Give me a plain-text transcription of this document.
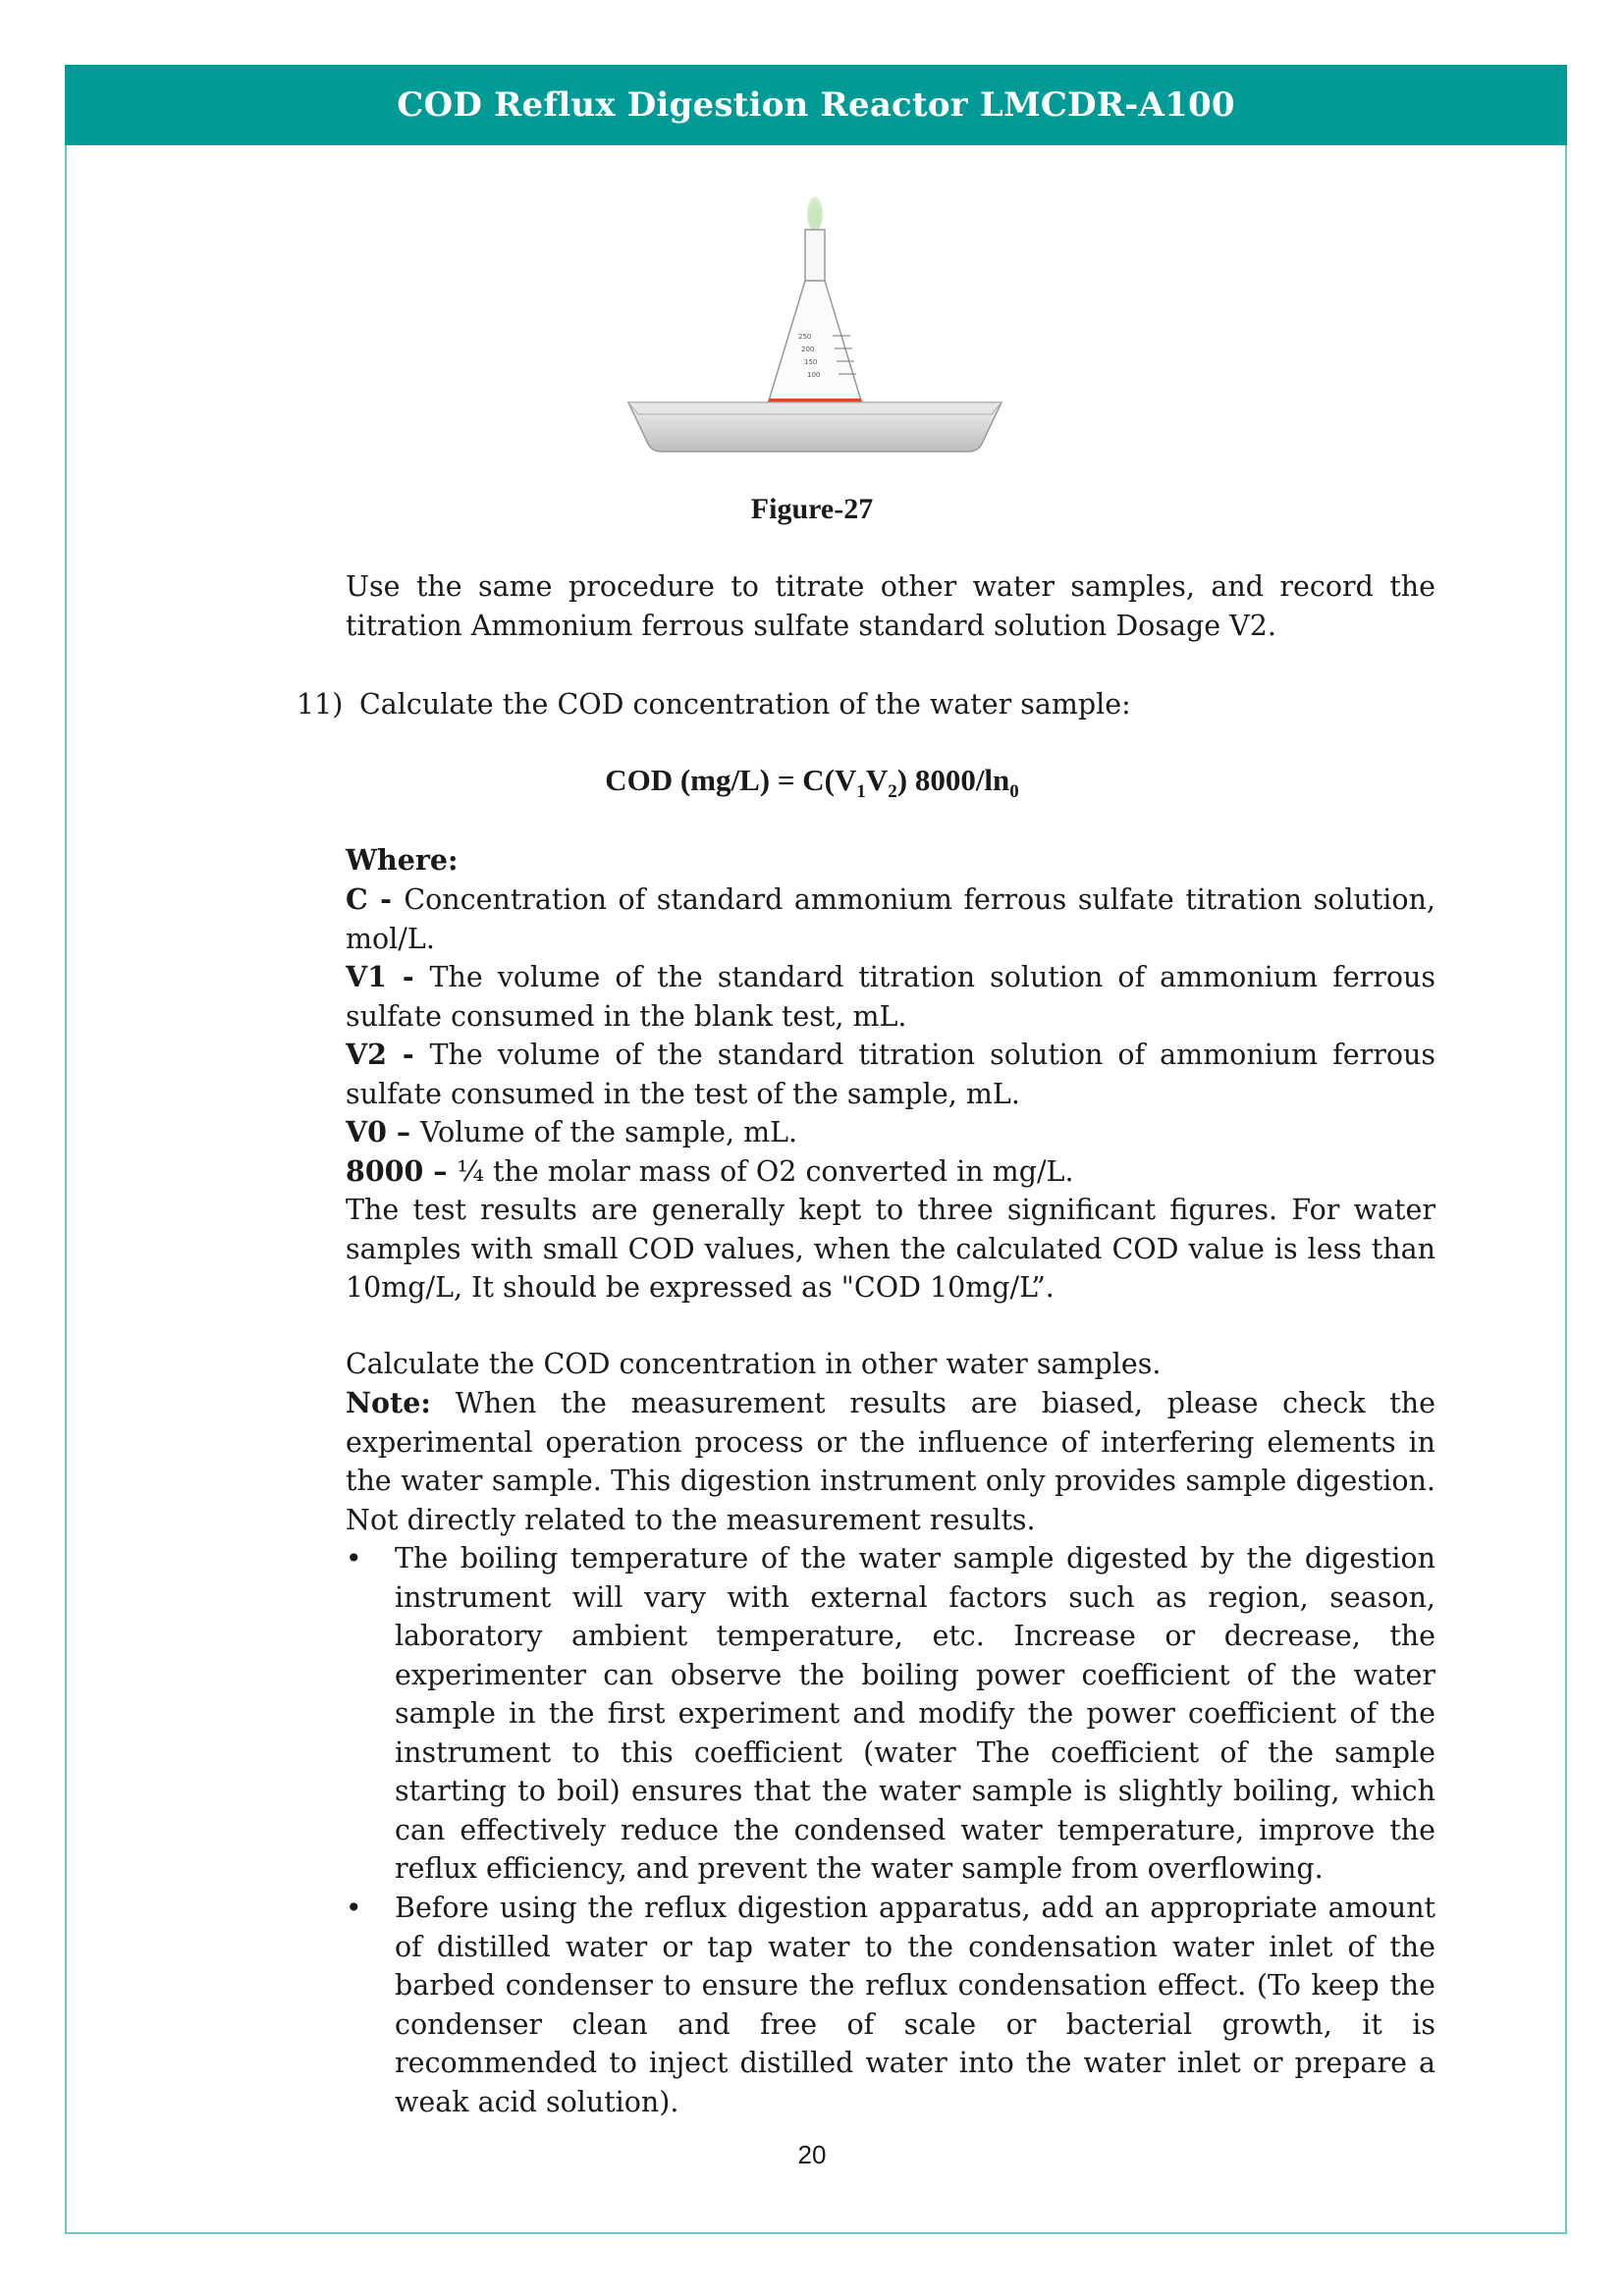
COD Reflux Digestion Reactor LMCDR-A100
250
200
150
100
Figure-27
Use the same procedure to titrate other water samples, and record the titration Ammonium ferrous sulfate standard solution Dosage V2.
11) Calculate the COD concentration of the water sample:
COD $(mg/L) = C(V_1V_2)$ $8000/\ln_0$
Where:
C - Concentration of standard ammonium ferrous sulfate titration solution, mol/L.
V1 - The volume of the standard titration solution of ammonium ferrous sulfate consumed in the blank test, mL.
V2 - The volume of the standard titration solution of ammonium ferrous sulfate consumed in the test of the sample, mL.
V0 – Volume of the sample, mL.
8000 – ¼ the molar mass of O2 converted in mg/L.
The test results are generally kept to three significant figures. For water samples with small COD values, when the calculated COD value is less than 10mg/L, It should be expressed as "COD 10mg/L”.
Calculate the COD concentration in other water samples.
Note: When the measurement results are biased, please check the experimental operation process or the influence of interfering elements in the water sample. This digestion instrument only provides sample digestion. Not directly related to the measurement results.
•	The boiling temperature of the water sample digested by the digestion instrument will vary with external factors such as region, season, laboratory ambient temperature, etc. Increase or decrease, the experimenter can observe the boiling power coefficient of the water sample in the first experiment and modify the power coefficient of the instrument to this coefficient (water The coefficient of the sample starting to boil) ensures that the water sample is slightly boiling, which can effectively reduce the condensed water temperature, improve the reflux efficiency, and prevent the water sample from overflowing.
•	Before using the reflux digestion apparatus, add an appropriate amount of distilled water or tap water to the condensation water inlet of the barbed condenser to ensure the reflux condensation effect. (To keep the condenser clean and free of scale or bacterial growth, it is recommended to inject distilled water into the water inlet or prepare a weak acid solution).
20
